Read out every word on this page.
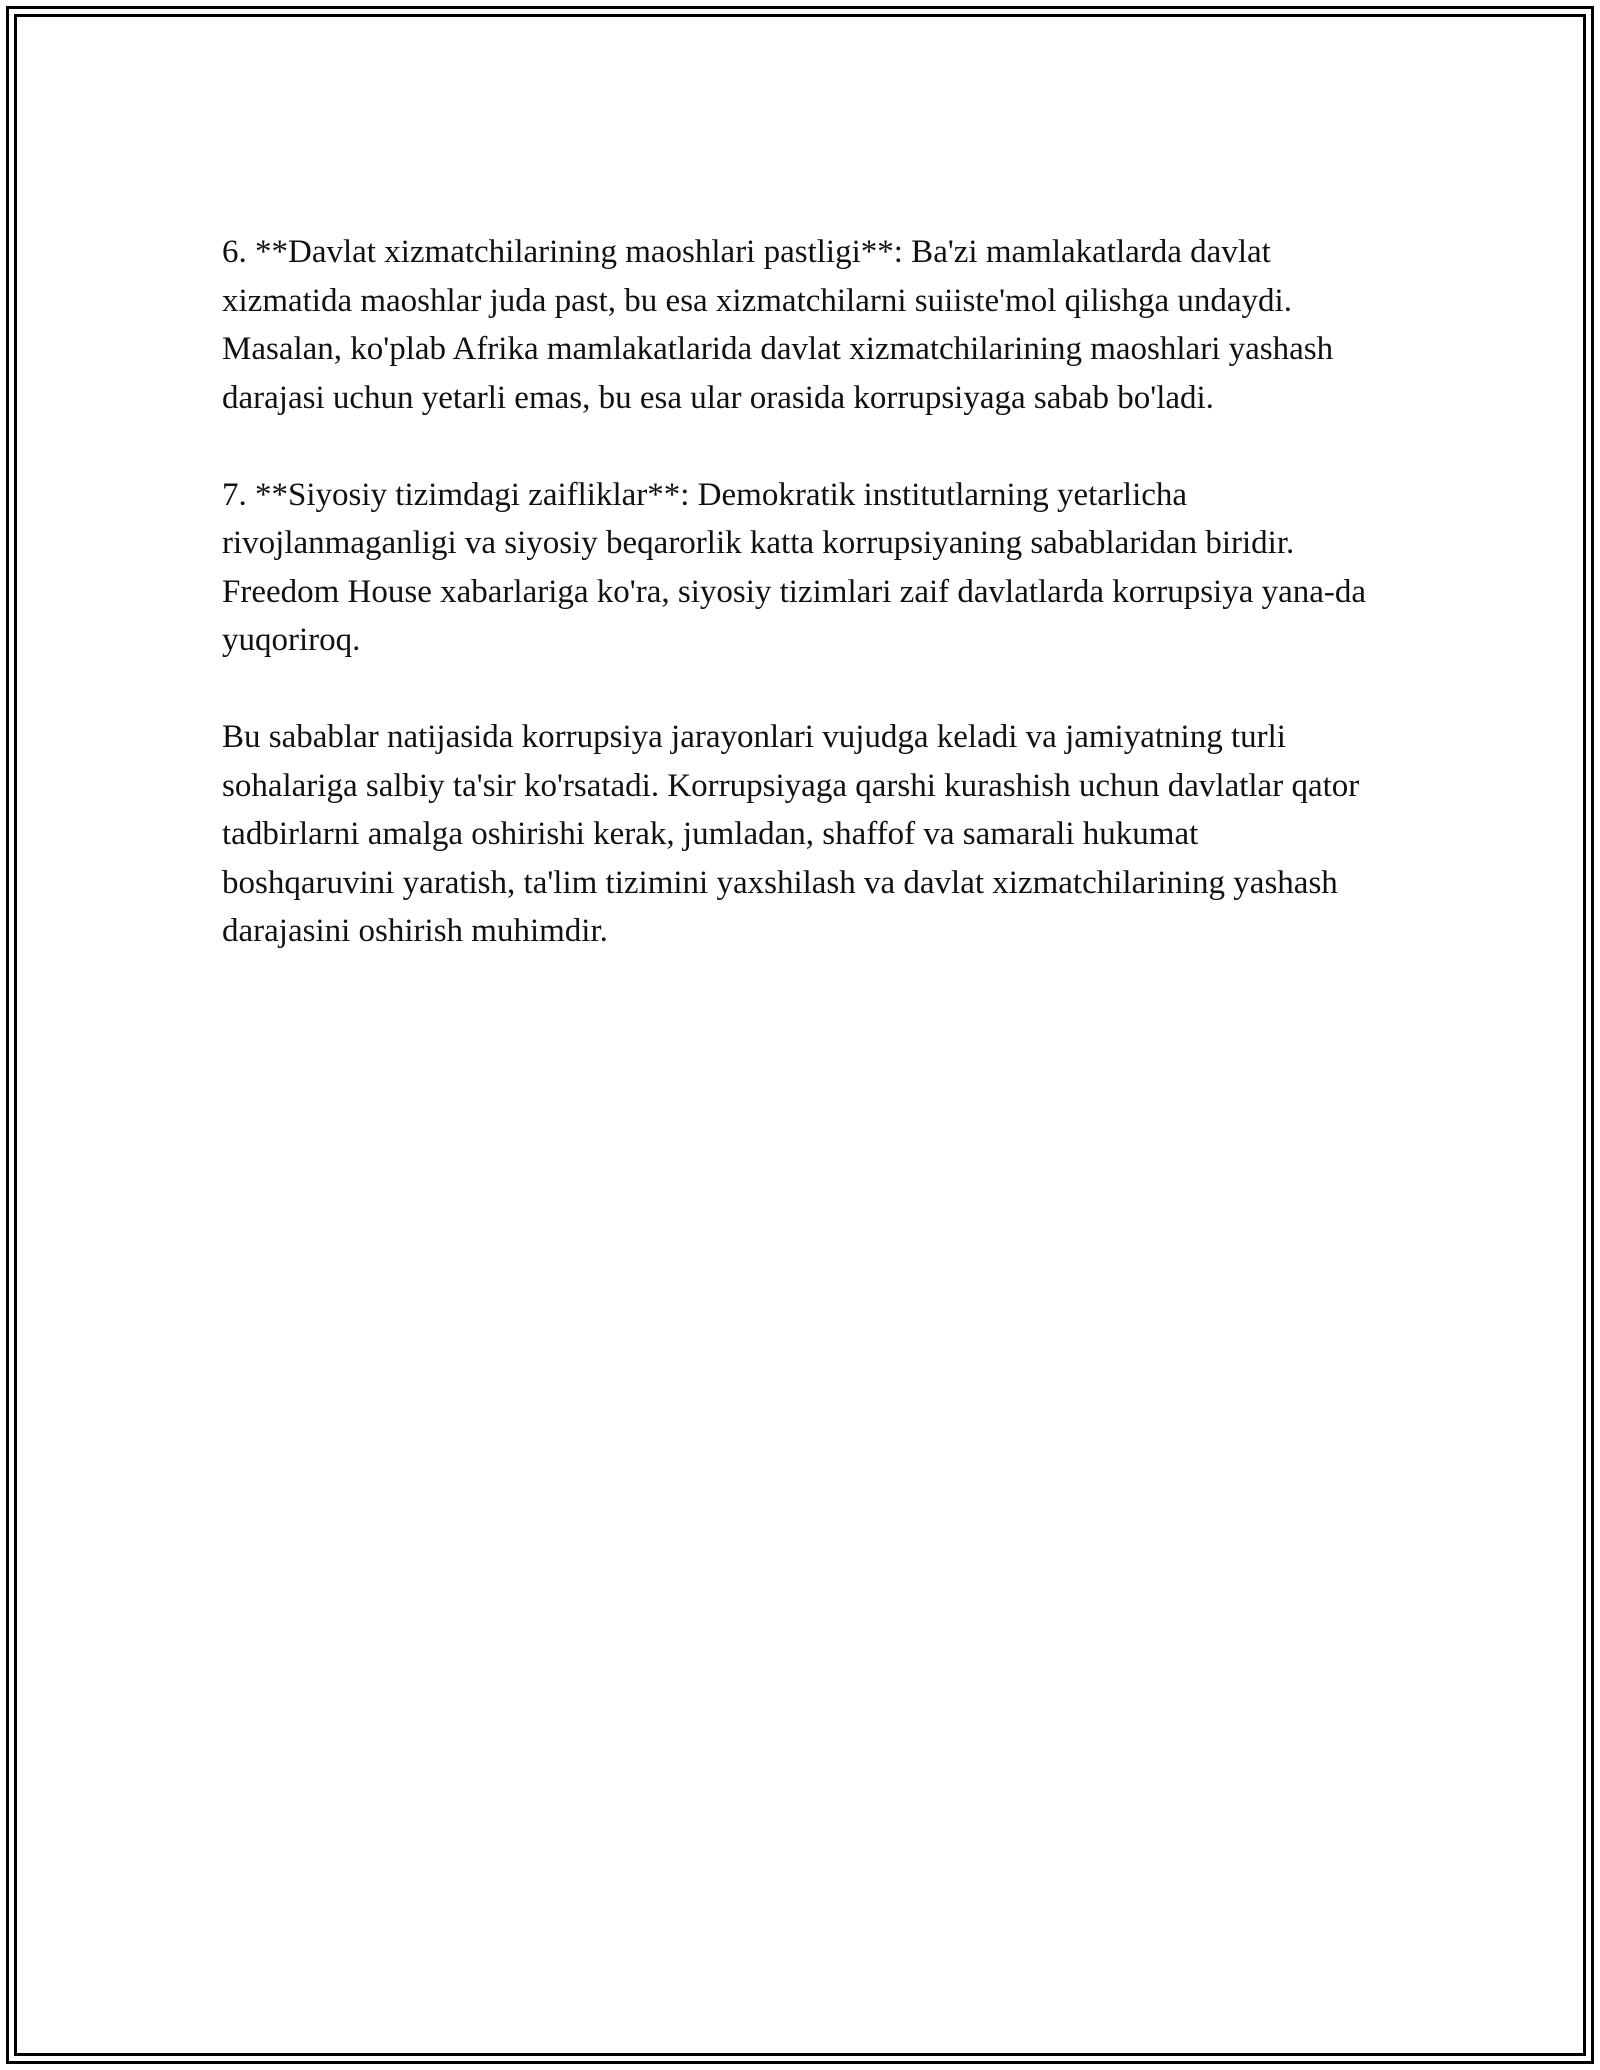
6. **Davlat xizmatchilarining maoshlari pastligi**: Ba'zi mamlakatlarda davlat xizmatida maoshlar juda past, bu esa xizmatchilarni suiiste'mol qilishga undaydi. Masalan, ko'plab Afrika mamlakatlarida davlat xizmatchilarining maoshlari yashash darajasi uchun yetarli emas, bu esa ular orasida korrupsiyaga sabab bo'ladi.

7. **Siyosiy tizimdagi zaifliklar**: Demokratik institutlarning yetarlicha rivojlanmaganligi va siyosiy beqarorlik katta korrupsiyaning sabablaridan biridir. Freedom House xabarlariga ko'ra, siyosiy tizimlari zaif davlatlarda korrupsiya yana-da yuqoriroq.

Bu sabablar natijasida korrupsiya jarayonlari vujudga keladi va jamiyatning turli sohalariga salbiy ta'sir ko'rsatadi. Korrupsiyaga qarshi kurashish uchun davlatlar qator tadbirlarni amalga oshirishi kerak, jumladan, shaffof va samarali hukumat boshqaruvini yaratish, ta'lim tizimini yaxshilash va davlat xizmatchilarining yashash darajasini oshirish muhimdir.
